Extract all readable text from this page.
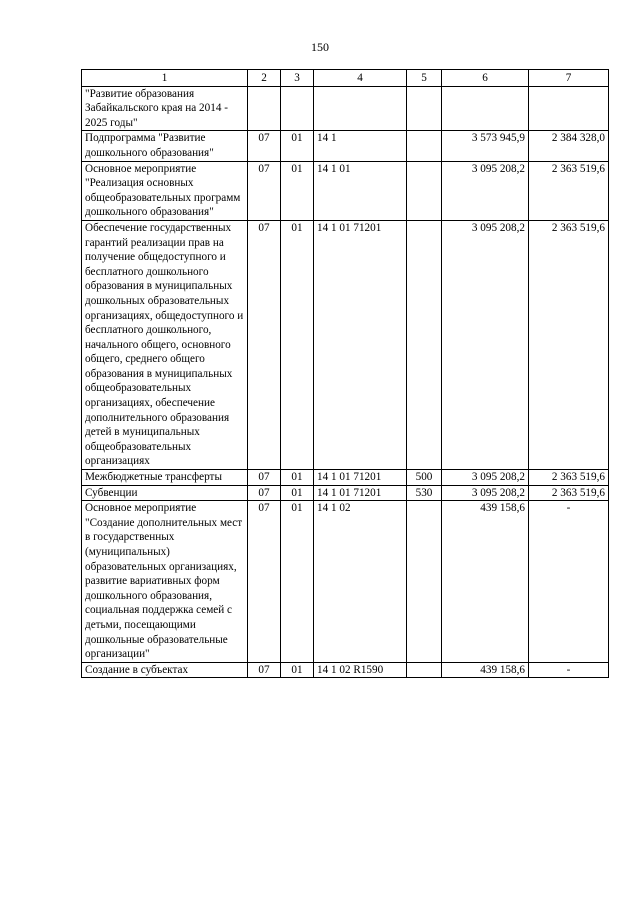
150
1	2	3	4	5	6	7
"Развитие образования Забайкальского края на 2014 - 2025 годы"						
Подпрограмма "Развитие дошкольного образования"	07	01	14 1		3 573 945,9	2 384 328,0
Основное мероприятие "Реализация основных общеобразовательных программ дошкольного образования"	07	01	14 1 01		3 095 208,2	2 363 519,6
Обеспечение государственных гарантий реализации прав на получение общедоступного и бесплатного дошкольного образования в муниципальных дошкольных образовательных организациях, общедоступного и бесплатного дошкольного, начального общего, основного общего, среднего общего образования в муниципальных общеобразовательных организациях, обеспечение дополнительного образования детей в муниципальных общеобразовательных организациях	07	01	14 1 01 71201		3 095 208,2	2 363 519,6
Межбюджетные трансферты	07	01	14 1 01 71201	500	3 095 208,2	2 363 519,6
Субвенции	07	01	14 1 01 71201	530	3 095 208,2	2 363 519,6
Основное мероприятие "Создание дополнительных мест в государственных (муниципальных) образовательных организациях, развитие вариативных форм дошкольного образования, социальная поддержка семей с детьми, посещающими дошкольные образовательные организации"	07	01	14 1 02		439 158,6	-
Создание в субъектах	07	01	14 1 02 R1590		439 158,6	-
